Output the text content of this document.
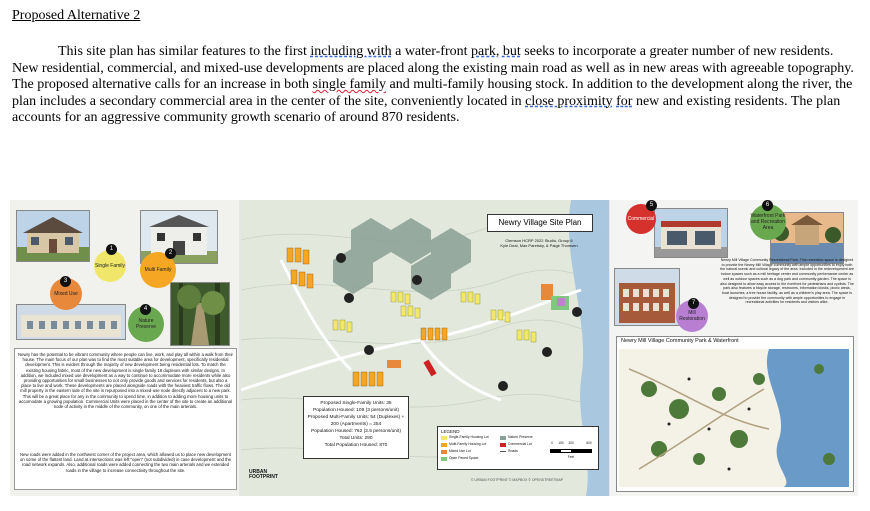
Proposed Alternative 2

This site plan has similar features to the first including with a water-front park, but seeks to incorporate a greater number of new residents. New residential, commercial, and mixed-use developments are placed along the existing main road as well as in new areas with agreeable topography. The proposed alternative calls for an increase in both single family and multi-family housing stock. In addition to the development along the river, the plan includes a secondary commercial area in the center of the site, conveniently located in close proximity for new and existing residents. The plan accounts for an aggressive community growth scenario of around 870 residents.

Single Family
1
Multi Family
2
Mixed Use
3
Nature Preserve
4
Newry has the potential to be vibrant community where people can live, work, and play all within a walk from their house. The main focus of our plan was to find the most suitable area for development, specifically residential development. This is evident through the majority of new development being residential lots. To match the existing housing fabric, most of the new development is single family 18 duplexes with similar designs. In addition, we included mixed use development as a way to continue to accommodate more residents while also providing opportunities for small businesses to not only provide goods and services for residents, but also a place to live and work. These developments are placed alongside roads with the heaviest traffic flows. The old mill property in the eastern side of the site is repurposed into a mixed-use node directly adjacent to a new park. This will be a great place for any in the community to spend time, in addition to adding more housing units to accomodate a growing population. Commercial Units were placed in the center of the site to create an additional node of activity in the middle of the community, on one of the main arterials.
New roads were added in the northwest corner of the project area, which allowed us to place new development on some of the flattest land. Land at intersections was left "open" (not subdivided) in case development and the road network expands. Also, additional roads were added connecting the two main arterials and we extended roads in the village to increase connectivity throughout the site.
Newry Village Site Plan
Clemson HCRP 2022 Studio, Group 6
Kyle Deal, Max Paretsky, & Paige Thomsen
Proposed Single-Family Units: 35
Population Housed: 109 (3 persons/unit)
Proposed Multi-Family Units: 54 (Duplexes) +
200 (Apartments) = 254
Population Housed: 762 (2.5 persons/unit)
Total Units: 290
Total Population Housed: 870
LEGEND
Single-Family Housing Lot
Multi-Family Housing Lot
Mixed Use Lot
Open Paved Space
Nature Preserve
Commercial Lot
Roads
0	150	300	600
Feet
URBAN FOOTPRINT	© URBAN FOOTPRINT © MAPBOX © OPENSTREETMAP
Commercial
5
Waterfront Park and Recreation Area
6
Mill Restoration
7
Newry Mill Village Community Recreational Park: This recreation space is designed to provide the Newry Mill Village community with ample opportunities to enjoy both the natural scenic and cultural legacy of the area. Included in the redevelopment are indoor spaces such as a mill heritage center and community performance center as well as outdoor spaces such as a dog park and community garden. The space is also designed to allow easy access to the riverfront for pedestrians and cyclists. The park also features a bicycle storage, restrooms, information kiosks, picnic areas, boat launches, a tree house facility, as well as a children's play area. The space is designed to provide the community with ample opportunities to engage in recreational activities for residents and visitors alike.
Newry Mill Village Community Park & Waterfront
